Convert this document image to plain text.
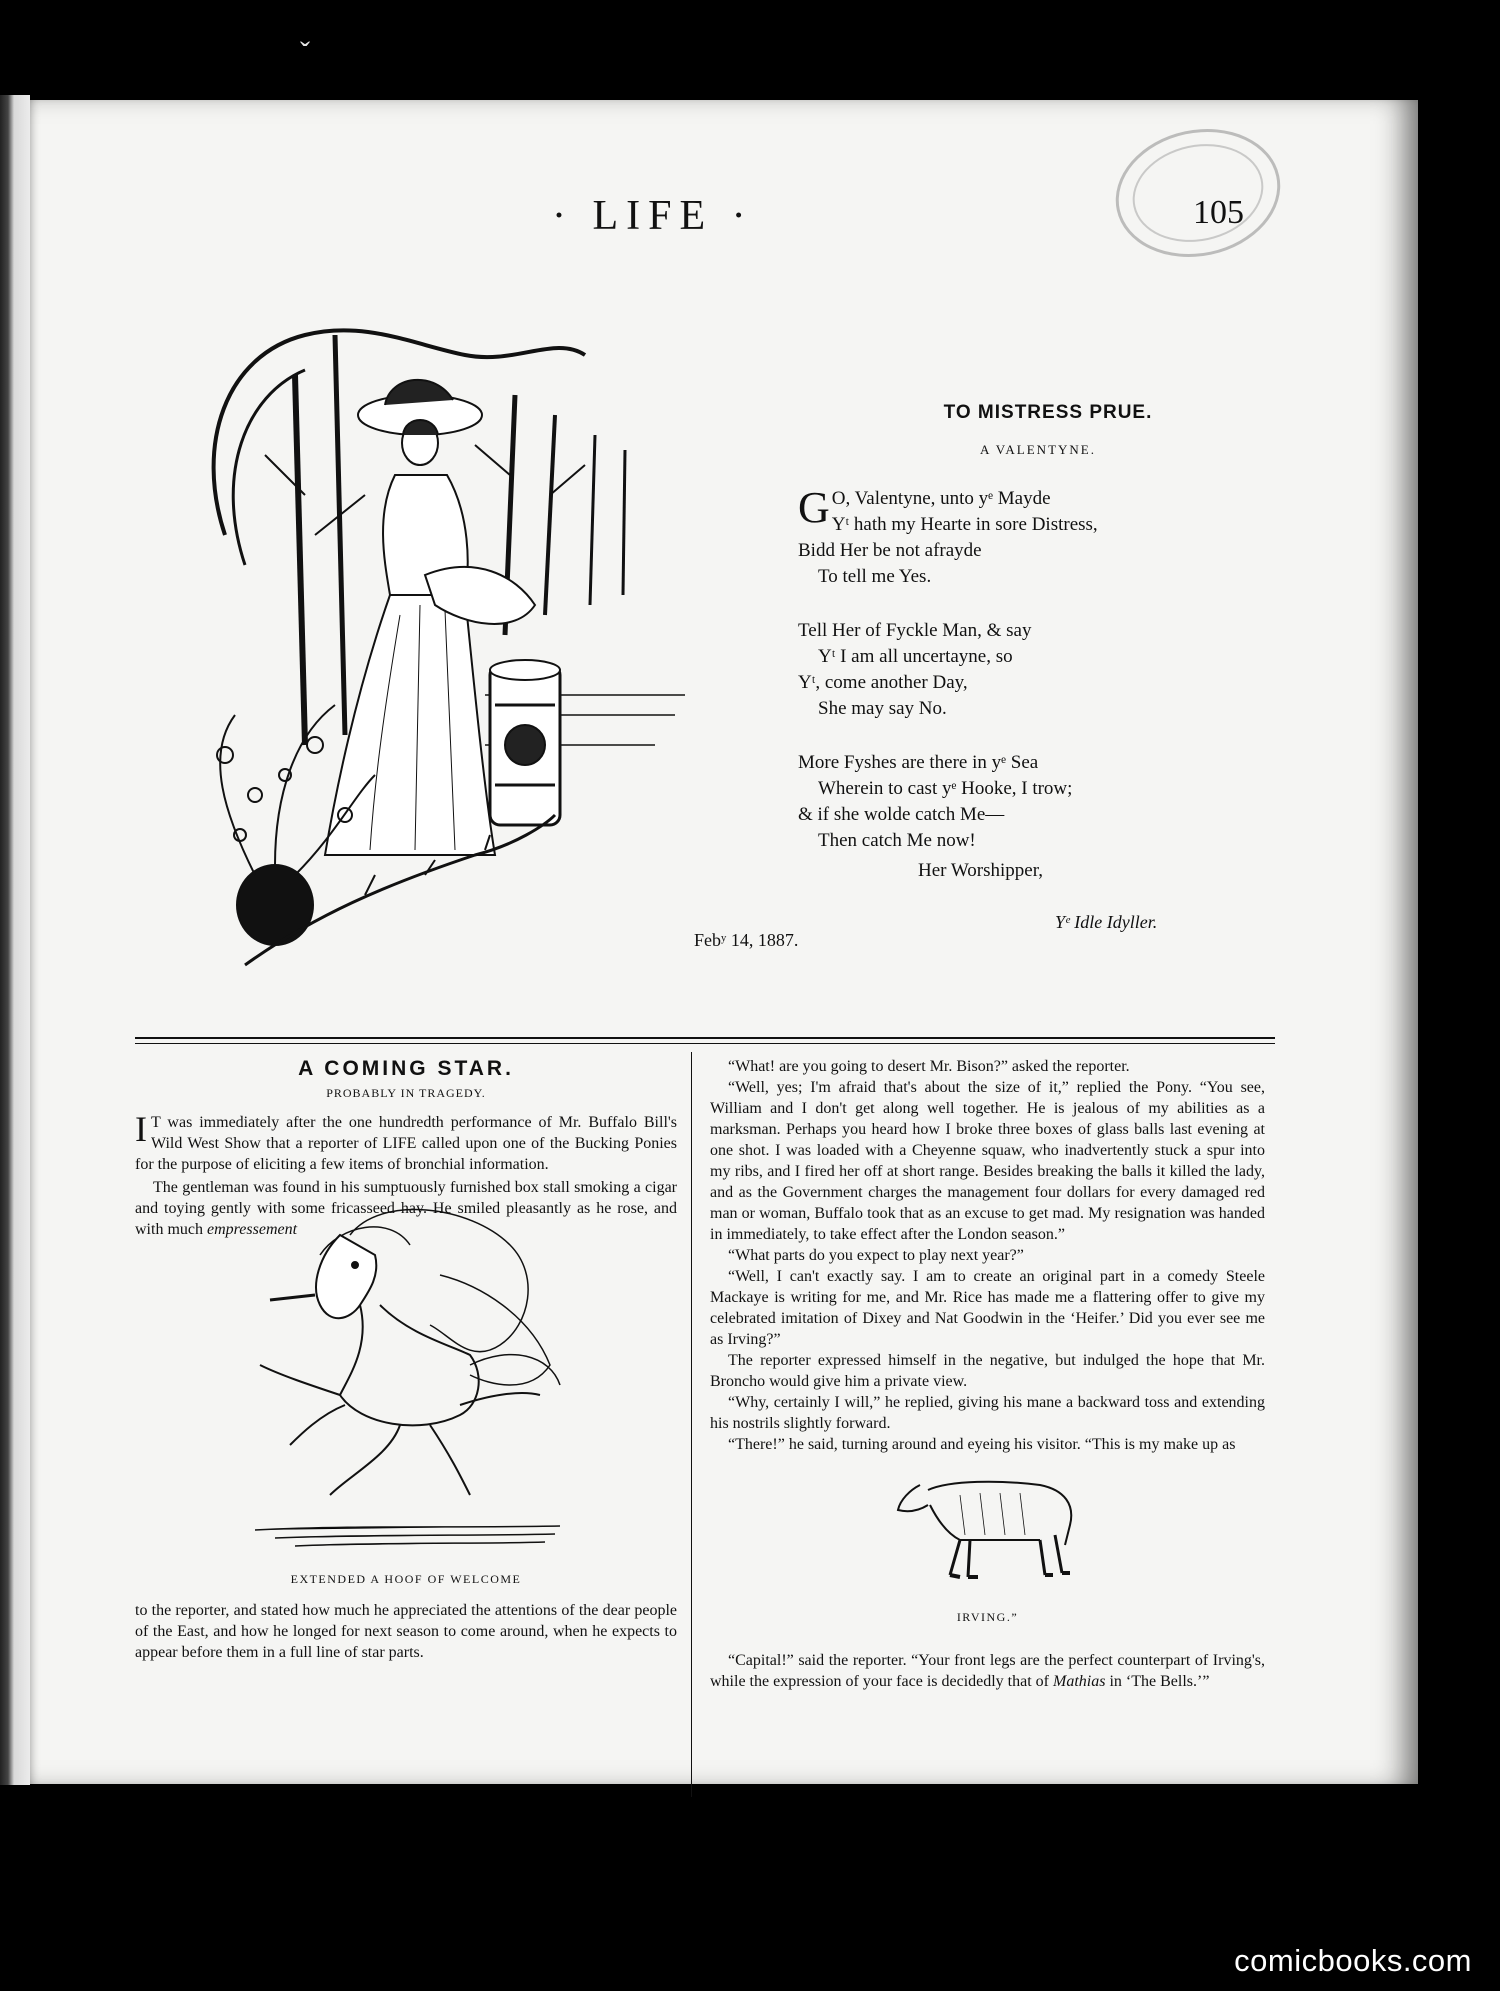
ˇ
· LIFE ·	105
TO MISTRESS PRUE.
A VALENTYNE.
G O, Valentyne, unto yᵉ Mayde
Yᵗ hath my Hearte in sore Distress,
Bidd Her be not afrayde
To tell me Yes.
Tell Her of Fyckle Man, & say
Yᵗ I am all uncertayne, so
Yᵗ, come another Day,
She may say No.
More Fyshes are there in yᵉ Sea
Wherein to cast yᵉ Hooke, I trow;
& if she wolde catch Me—
Then catch Me now!
Her Worshipper,
Yᵉ Idle Idyller.
Febʸ 14, 1887.
A COMING STAR.
PROBABLY IN TRAGEDY.

I T was immediately after the one hundredth performance of Mr. Buffalo Bill's Wild West Show that a reporter of LIFE called upon one of the Bucking Ponies for the purpose of eliciting a few items of bronchial information.

The gentleman was found in his sumptuously furnished box stall smoking a cigar and toying gently with some fricasseed hay. He smiled pleasantly as he rose, and with much empressement

EXTENDED A HOOF OF WELCOME

to the reporter, and stated how much he appreciated the attentions of the dear people of the East, and how he longed for next season to come around, when he expects to appear before them in a full line of star parts.

“What! are you going to desert Mr. Bison?” asked the reporter.

“Well, yes; I'm afraid that's about the size of it,” replied the Pony. “You see, William and I don't get along well together. He is jealous of my abilities as a marksman. Perhaps you heard how I broke three boxes of glass balls last evening at one shot. I was loaded with a Cheyenne squaw, who inadvertently stuck a spur into my ribs, and I fired her off at short range. Besides breaking the balls it killed the lady, and as the Government charges the management four dollars for every damaged red man or woman, Buffalo took that as an excuse to get mad. My resignation was handed in immediately, to take effect after the London season.”

“What parts do you expect to play next year?”

“Well, I can't exactly say. I am to create an original part in a comedy Steele Mackaye is writing for me, and Mr. Rice has made me a flattering offer to give my celebrated imitation of Dixey and Nat Goodwin in the ‘Heifer.’ Did you ever see me as Irving?”

The reporter expressed himself in the negative, but indulged the hope that Mr. Broncho would give him a private view.

“Why, certainly I will,” he replied, giving his mane a backward toss and extending his nostrils slightly forward.

“There!” he said, turning around and eyeing his visitor. “This is my make up as

IRVING.”

“Capital!” said the reporter. “Your front legs are the perfect counterpart of Irving's, while the expression of your face is decidedly that of Mathias in ‘The Bells.’”

comicbooks.com
